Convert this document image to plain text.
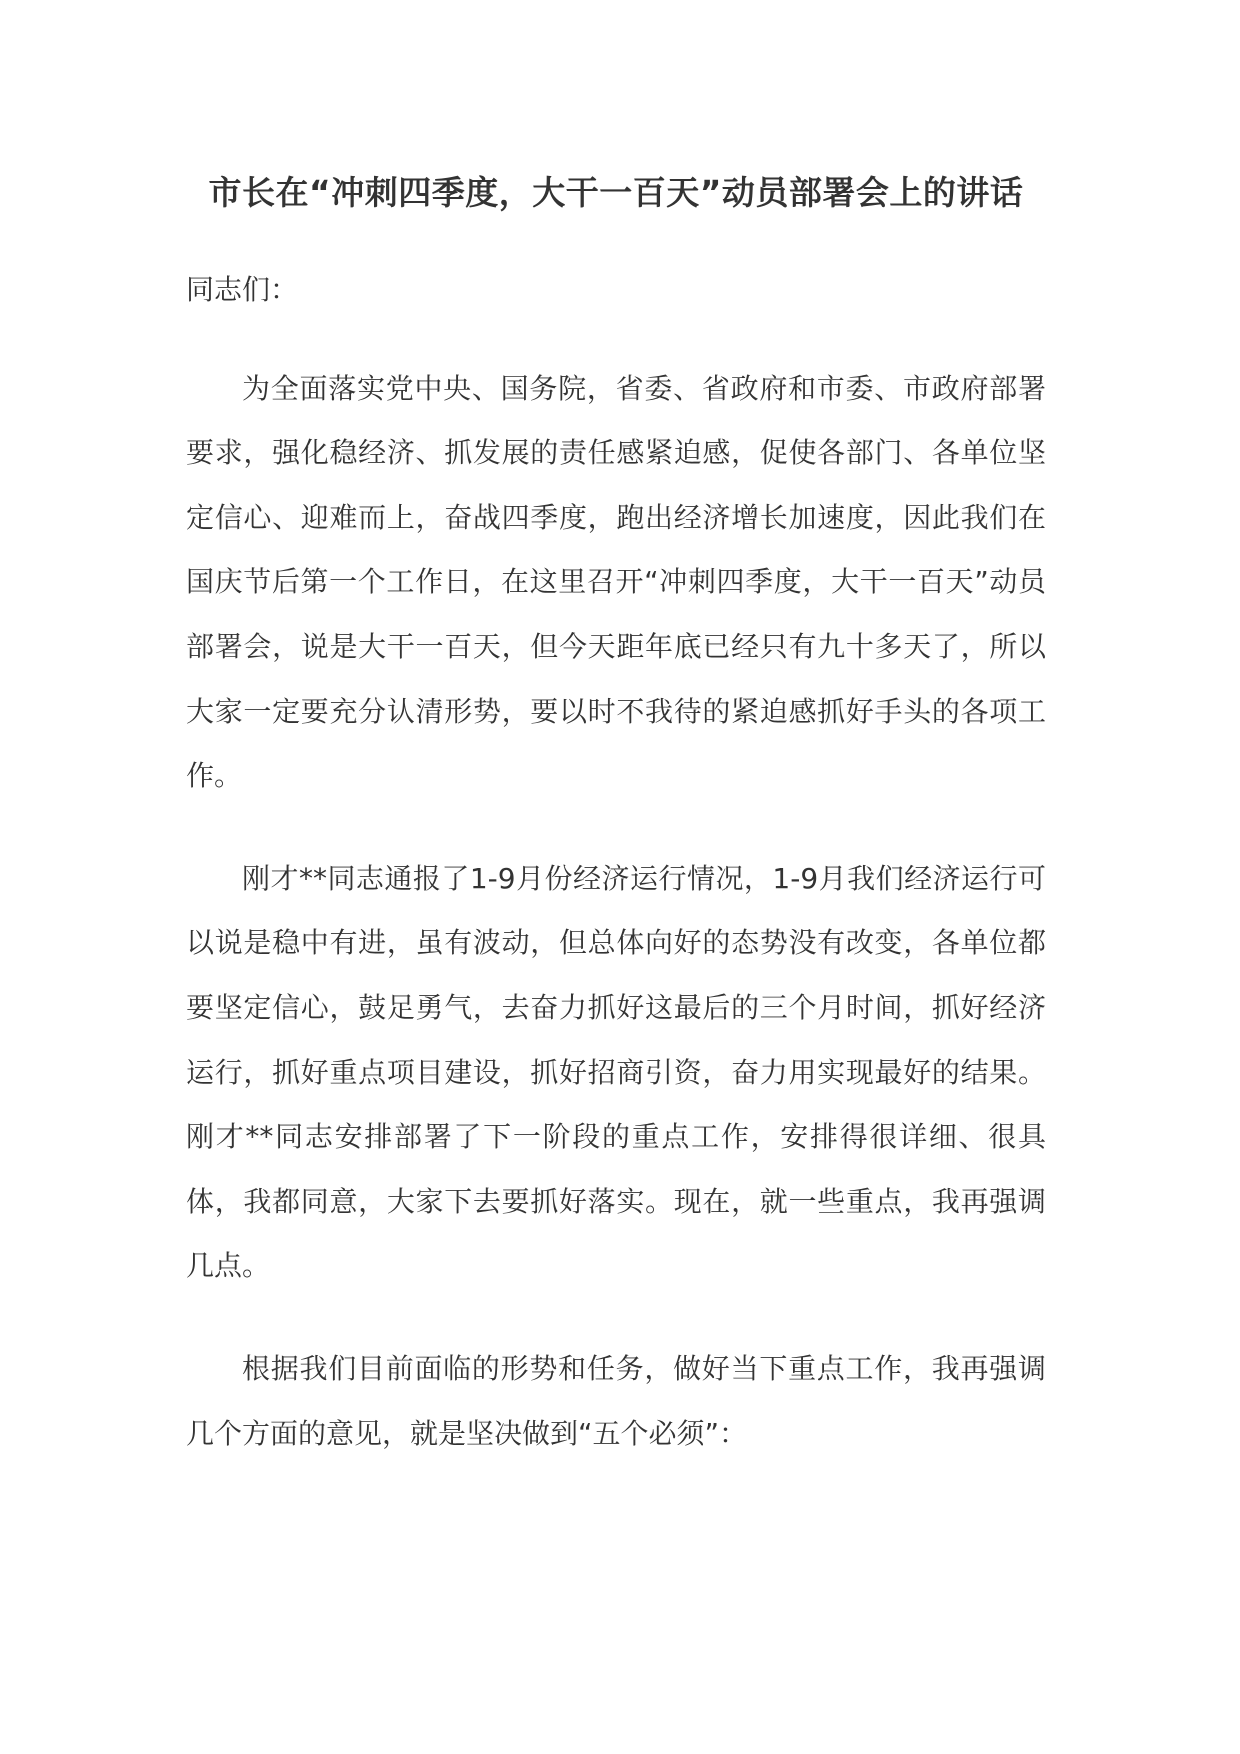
市长在“冲刺四季度，大干一百天”动员部署会上的讲话

同志们：

为全面落实党中央、国务院，省委、省政府和市委、市政府部署要求，强化稳经济、抓发展的责任感紧迫感，促使各部门、各单位坚定信心、迎难而上，奋战四季度，跑出经济增长加速度，因此我们在国庆节后第一个工作日，在这里召开“冲刺四季度，大干一百天”动员部署会，说是大干一百天，但今天距年底已经只有九十多天了，所以大家一定要充分认清形势，要以时不我待的紧迫感抓好手头的各项工作。

刚才**同志通报了1-9月份经济运行情况，1-9月我们经济运行可以说是稳中有进，虽有波动，但总体向好的态势没有改变，各单位都要坚定信心，鼓足勇气，去奋力抓好这最后的三个月时间，抓好经济运行，抓好重点项目建设，抓好招商引资，奋力用实现最好的结果。刚才**同志安排部署了下一阶段的重点工作，安排得很详细、很具体，我都同意，大家下去要抓好落实。现在，就一些重点，我再强调几点。

根据我们目前面临的形势和任务，做好当下重点工作，我再强调几个方面的意见，就是坚决做到“五个必须”：
